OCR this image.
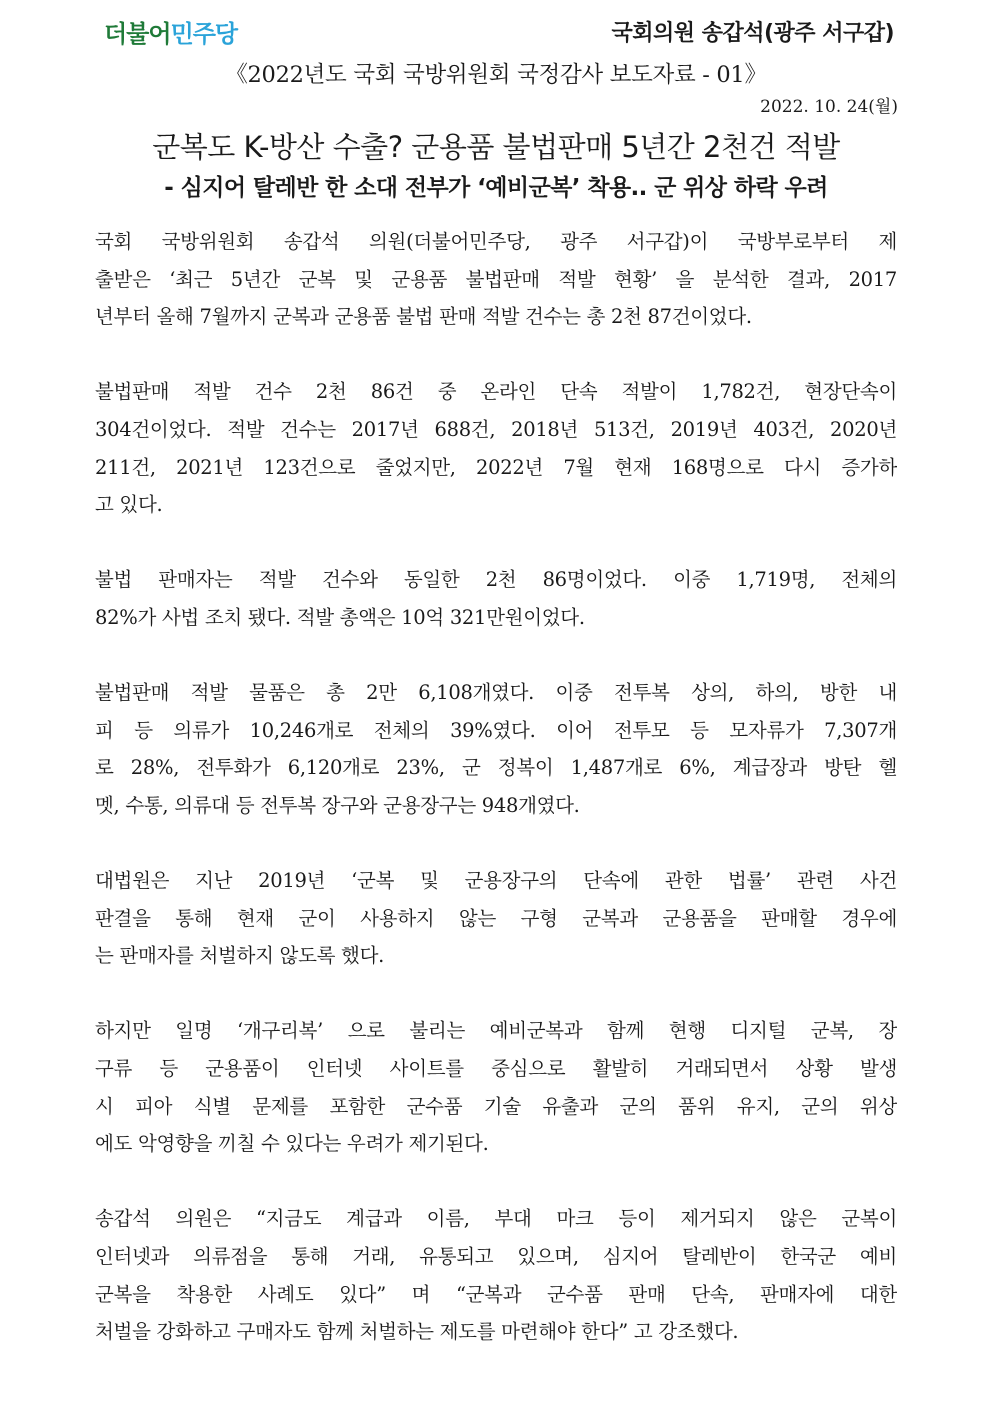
더불어민주당	국회의원 송갑석(광주 서구갑)
《2022년도 국회 국방위원회 국정감사 보도자료 - 01》
2022. 10. 24(월)
군복도 K-방산 수출? 군용품 불법판매 5년간 2천건 적발
- 심지어 탈레반 한 소대 전부가 ‘예비군복’ 착용.. 군 위상 하락 우려
국회 국방위원회 송갑석 의원(더불어민주당, 광주 서구갑)이 국방부로부터 제
출받은 ‘최근 5년간 군복 및 군용품 불법판매 적발 현황’ 을 분석한 결과, 2017
년부터 올해 7월까지 군복과 군용품 불법 판매 적발 건수는 총 2천 87건이었다.
불법판매 적발 건수 2천 86건 중 온라인 단속 적발이 1,782건, 현장단속이
304건이었다. 적발 건수는 2017년 688건, 2018년 513건, 2019년 403건, 2020년
211건, 2021년 123건으로 줄었지만, 2022년 7월 현재 168명으로 다시 증가하
고 있다.
불법 판매자는 적발 건수와 동일한 2천 86명이었다. 이중 1,719명, 전체의
82%가 사법 조치 됐다. 적발 총액은 10억 321만원이었다.
불법판매 적발 물품은 총 2만 6,108개였다. 이중 전투복 상의, 하의, 방한 내
피 등 의류가 10,246개로 전체의 39%였다. 이어 전투모 등 모자류가 7,307개
로 28%, 전투화가 6,120개로 23%, 군 정복이 1,487개로 6%, 계급장과 방탄 헬
멧, 수통, 의류대 등 전투복 장구와 군용장구는 948개였다.
대법원은 지난 2019년 ‘군복 및 군용장구의 단속에 관한 법률’ 관련 사건
판결을 통해 현재 군이 사용하지 않는 구형 군복과 군용품을 판매할 경우에
는 판매자를 처벌하지 않도록 했다.
하지만 일명 ‘개구리복’ 으로 불리는 예비군복과 함께 현행 디지털 군복, 장
구류 등 군용품이 인터넷 사이트를 중심으로 활발히 거래되면서 상황 발생
시 피아 식별 문제를 포함한 군수품 기술 유출과 군의 품위 유지, 군의 위상
에도 악영향을 끼칠 수 있다는 우려가 제기된다.
송갑석 의원은 “지금도 계급과 이름, 부대 마크 등이 제거되지 않은 군복이
인터넷과 의류점을 통해 거래, 유통되고 있으며, 심지어 탈레반이 한국군 예비
군복을 착용한 사례도 있다” 며 “군복과 군수품 판매 단속, 판매자에 대한
처벌을 강화하고 구매자도 함께 처벌하는 제도를 마련해야 한다” 고 강조했다.
